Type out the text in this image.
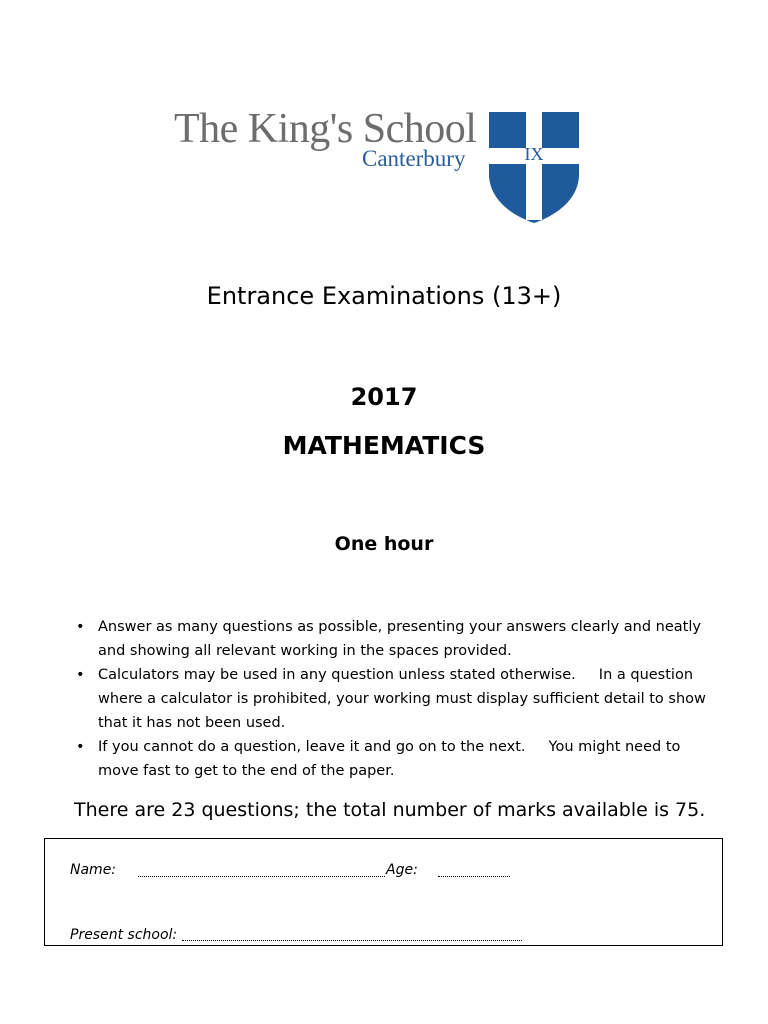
The King's School
Canterbury	IX
Entrance Examinations (13+)
2017
MATHEMATICS
One hour
• Answer as many questions as possible, presenting your answers clearly and neatly and showing all relevant working in the spaces provided.
• Calculators may be used in any question unless stated otherwise.     In a question where a calculator is prohibited, your working must display sufficient detail to show that it has not been used.
• If you cannot do a question, leave it and go on to the next.     You might need to move fast to get to the end of the paper.
There are 23 questions; the total number of marks available is 75.
Name:	Age:
Present school:
